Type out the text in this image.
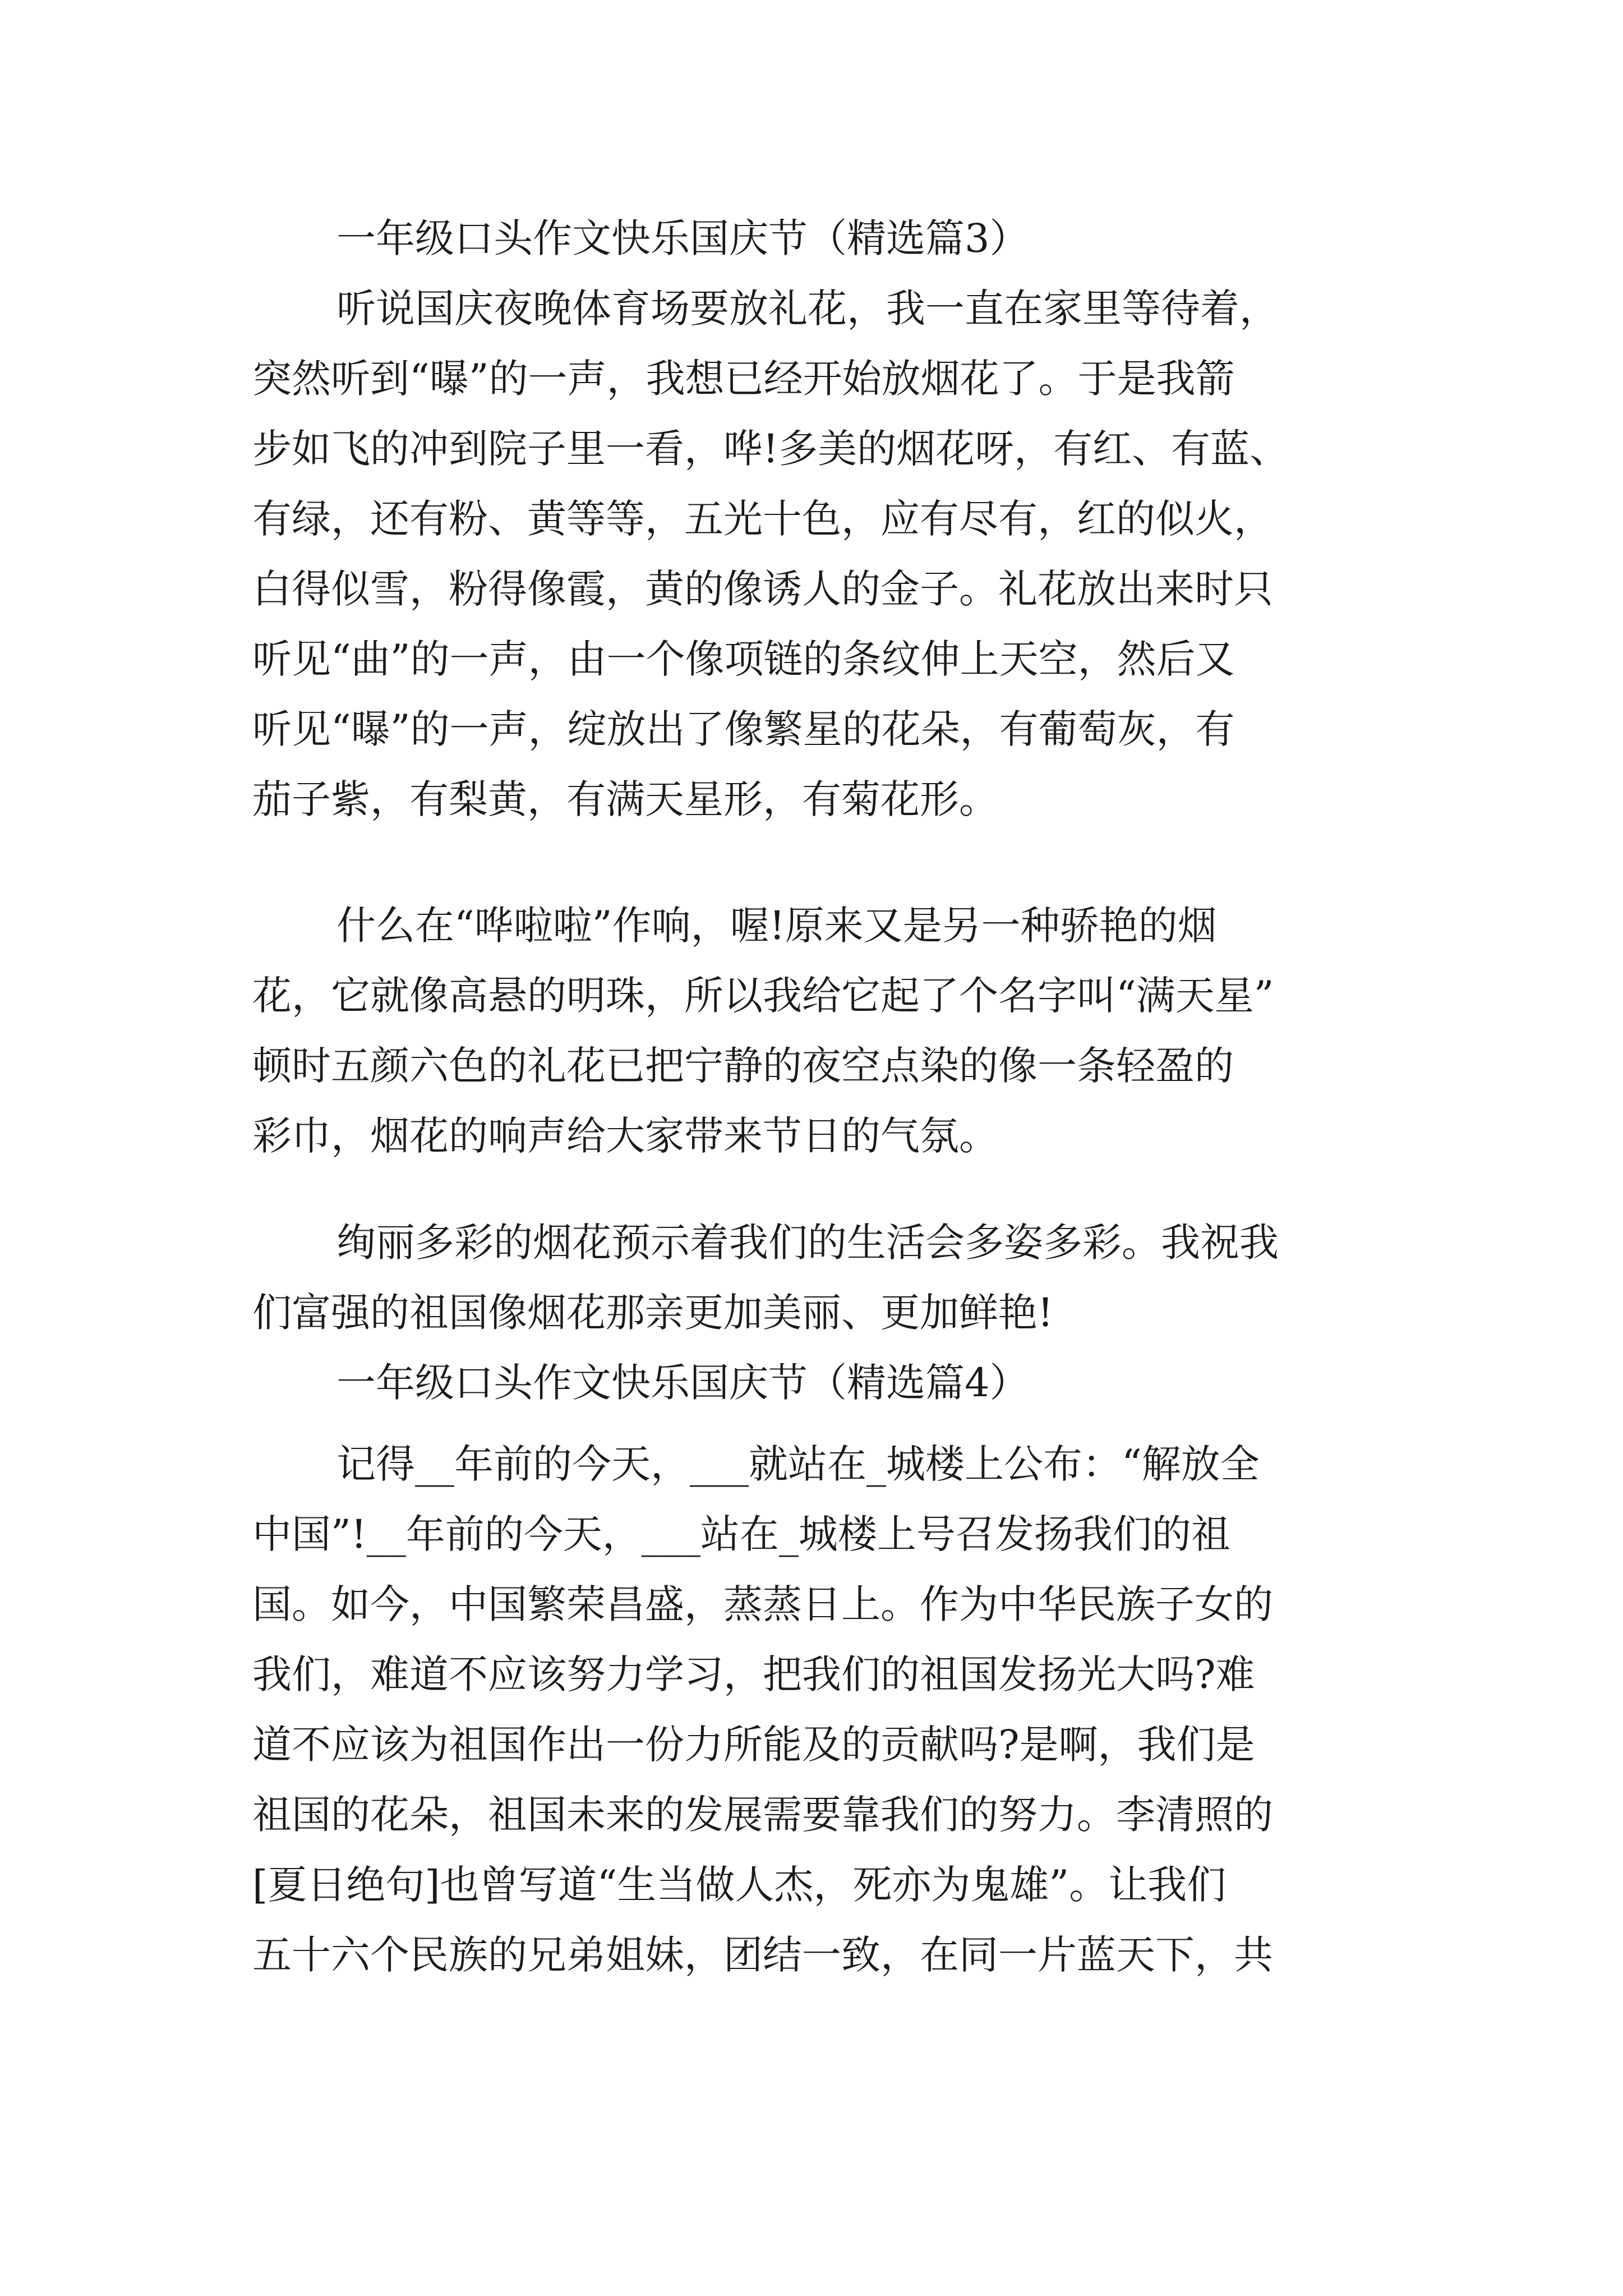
一年级口头作文快乐国庆节（精选篇3）
听说国庆夜晚体育场要放礼花，我一直在家里等待着，
突然听到“曝”的一声，我想已经开始放烟花了。于是我箭
步如飞的冲到院子里一看，哗!多美的烟花呀，有红、有蓝、
有绿，还有粉、黄等等，五光十色，应有尽有，红的似火，
白得似雪，粉得像霞，黄的像诱人的金子。礼花放出来时只
听见“曲”的一声，由一个像项链的条纹伸上天空，然后又
听见“曝”的一声，绽放出了像繁星的花朵，有葡萄灰，有
茄子紫，有梨黄，有满天星形，有菊花形。
什么在“哗啦啦”作响，喔!原来又是另一种骄艳的烟
花，它就像高悬的明珠，所以我给它起了个名字叫“满天星”
顿时五颜六色的礼花已把宁静的夜空点染的像一条轻盈的
彩巾，烟花的响声给大家带来节日的气氛。
绚丽多彩的烟花预示着我们的生活会多姿多彩。我祝我
们富强的祖国像烟花那亲更加美丽、更加鲜艳!
一年级口头作文快乐国庆节（精选篇4）
记得__年前的今天，___就站在_城楼上公布：“解放全
中国”!__年前的今天，___站在_城楼上号召发扬我们的祖
国。如今，中国繁荣昌盛，蒸蒸日上。作为中华民族子女的
我们，难道不应该努力学习，把我们的祖国发扬光大吗?难
道不应该为祖国作出一份力所能及的贡献吗?是啊，我们是
祖国的花朵，祖国未来的发展需要靠我们的努力。李清照的
[夏日绝句]也曾写道“生当做人杰，死亦为鬼雄”。让我们
五十六个民族的兄弟姐妹，团结一致，在同一片蓝天下，共
